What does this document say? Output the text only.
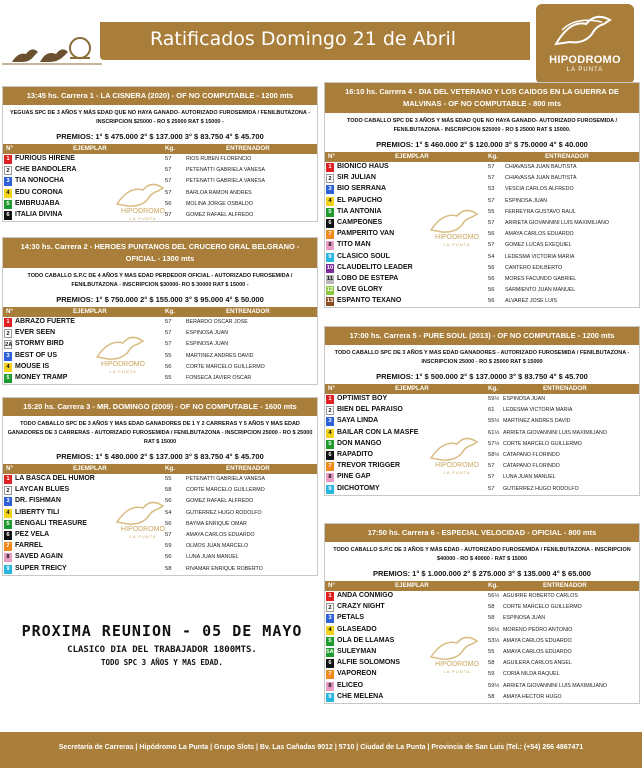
Ratificados Domingo 21 de Abril
HIPODROMO
LA PUNTA
13:45 hs. Carrera 1 - LA CISNERA (2020) - OF NO COMPUTABLE - 1200 mts
YEGUAS SPC DE 3 AÑOS Y MÁS EDAD QUE NO HAYA GANADO- AUTORIZADO FUROSEMIDA / FENILBUTAZONA - INSCRIPCION $25000 - RO $ 25000 RAT $ 15000 -
PREMIOS: 1° $ 475.000 2° $ 137.000 3° $ 83.750 4° $ 45.700
N°	EJEMPLAR	Kg.	ENTRENADOR
1 FURIOUS HIRENE	57	RIOS RUBEN FLORENCIO
2 CHE BANDOLERA	57	PETENATTI GABRIELA VANESA
3 TIA NONOCHA	57	PETENATTI GABRIELA VANESA
4 EDU CORONA	57	BARLOA RAMON ANDRES
5 EMBRUJABA	56	MOLINA JORGE OSBALDO
6 ITALIA DIVINA	57	GOMEZ RAFAEL ALFREDO
HIPODROMO
LA PUNTA
14:30 hs. Carrera 2 - HEROES PUNTANOS DEL CRUCERO GRAL BELGRANO - OFICIAL - 1300 mts
TODO CABALLO S.P.C DE 4 AÑOS Y MAS EDAD PERDEDOR OFICIAL - AUTORIZADO FUROSEMIDA / FENILBUTAZONA - INSCRIPCION $30000- RO $ 30000 RAT $ 15000 -
PREMIOS: 1° $ 750.000 2° $ 155.000 3° $ 95.000 4° $ 50.000
N°	EJEMPLAR	Kg.	ENTRENADOR
1 ABRAZO FUERTE	57	BERARDO OSCAR JOSE
2 EVER SEEN	57	ESPINOSA JUAN
2A STORMY BIRD	57	ESPINOSA JUAN
3 BEST OF US	55	MARTINEZ ANDRES DAVID
4 MOUSE IS	56	CORTE MARCELO GUILLERMO
5 MONEY TRAMP	55	FONSECA JAVIER OSCAR
HIPODROMO
LA PUNTA
15:20 hs. Carrera 3 - MR. DOMINGO (2009) - OF NO COMPUTABLE - 1600 mts
TODO CABALLO SPC DE 3 AÑOS Y MAS EDAD GANADORES DE 1 Y 2 CARRERAS Y 5 AÑOS Y MAS EDAD GANADORES DE 3 CARRERAS - AUTORIZADO FUROSEMIDA / FENILBUTAZONA - INSCRIPCION 25000 - RO $ 25000 RAT $ 15000
PREMIOS: 1° $ 480.000 2° $ 137.000 3° $ 83.750 4° $ 45.700
N°	EJEMPLAR	Kg.	ENTRENADOR
1 LA BASCA DEL HUMOR	55	PETENATTI GABRIELA VANESA
2 LAYCAN BLUES	58	CORTE MARCELO GUILLERMO
3 DR. FISHMAN	56	GOMEZ RAFAEL ALFREDO
4 LIBERTY TILI	54	GUTIERREZ HUGO RODOLFO
5 BENGALI TREASURE	56	BAYMA ENRIQUE OMAR
6 PEZ VELA	57	AMAYA CARLOS EDUARDO
7 FARREL	59	OLMOS JUAN MARCELO
8 SAVED AGAIN	56	LUNA JUAN MANUEL
9 SUPER TREICY	58	RIVAMAR ENRIQUE ROBERTO
HIPODROMO
LA PUNTA
16:10 hs. Carrera 4 - DIA DEL VETERANO Y LOS CAIDOS EN LA GUERRA DE MALVINAS - OF NO COMPUTABLE - 800 mts
TODO CABALLO SPC DE 3 AÑOS Y MÁS EDAD QUE NO HAYA GANADO- AUTORIZADO FUROSEMIDA / FENILBUTAZONA - INSCRIPCION $25000 - RO $ 25000 RAT $ 15000.
PREMIOS: 1° $ 460.000 2° $ 120.000 3° $ 75.0000 4° $ 40.000
N°	EJEMPLAR	Kg.	ENTRENADOR
1 BIONICO HAUS	57 CHIAVASSA JUAN BAUTISTA
2 SIR JULIAN	57 CHIAVASSA JUAN BAUTISTA
3 BIO SERRANA	53 VESCIA CARLOS ALFREDO
4 EL PAPUCHO	57 ESPINOSA JUAN
5 TIA ANTONIA	55 FERREYRA GUSTAVO RAUL
6 CAMPEONES	57 ARRIETA GIOVANNINI LUIS MAXIMILIANO
7 PAMPERITO VAN	56 AMAYA CARLOS EDUARDO
8 TITO MAN	57 GOMEZ LUCAS EXEQUIEL
9 CLASICO SOUL	54 LEDESMA VICTORIA MARIA
10 CLAUDELITO LEADER	56 CANTERO EDILBERTO
11 LOBO DE ESTEPA	56 MORES FACUNDO GABRIEL
12 LOVE GLORY	56 SARMIENTO JUAN MANUEL
13 ESPANTO TEXANO	56 ALVAREZ JOSE LUIS
HIPODROMO
LA PUNTA
17:00 hs. Carrera 5 - PURE SOUL (2013) - OF NO COMPUTABLE - 1200 mts
TODO CABALLO SPC DE 3 AÑOS Y MAS EDAD GANADORES - AUTORIZADO FUROSEMIDA / FENILBUTAZONA - INSCRIPCION 25000 - RO $ 25000 RAT $ 15000
PREMIOS: 1° $ 500.000 2° $ 137.0000 3° $ 83.750 4° $ 45.700
N°	EJEMPLAR	Kg.	ENTRENADOR
1 OPTIMIST BOY	59½ ESPINOSA JUAN
2 BIEN DEL PARAISO	61 LEDESMA VICTORIA MARIA
3 SAYA LINDA	55½ MARTINEZ ANDRES DAVID
4 BAILAR CON LA MASFE	61½ ARRIETA GIOVANNINI LUIS MAXIMILIANO
5 DON MANGO	57½ CORTE MARCELO GUILLERMO
6 RAPADITO	58½ CATAPANO FLORINDO
7 TREVOR TRIGGER	57 CATAPANO FLORINDO
8 PINE GAP	57 LUNA JUAN MANUEL
9 DICHOTOMY	57 GUTIERREZ HUGO RODOLFO
HIPODROMO
LA PUNTA
17:50 hs. Carrera 6 - ESPECIAL VELOCIDAD - OFICIAL - 800 mts
TODO CABALLO S.P.C DE 3 AÑOS Y MÁS EDAD - AUTORIZADO FUROSEMIDA / FENILBUTAZONA - INSCRIPCION $40000 - RO $ 40000 - RAT $ 15000
PREMIOS: 1° $ 1.000.000 2° $ 275.000 3° $ 135.000 4° $ 65.000
N°	EJEMPLAR	Kg.	ENTRENADOR
1 ANDA CONMIGO	56½ AGUIRRE ROBERTO CARLOS
2 CRAZY NIGHT	58 CORTE MARCELO GUILLERMO
3 PETALS	58 ESPINOSA JUAN
4 GLASEADO	56½ MORENO PEDRO ANTONIO
5 OLA DE LLAMAS	53½ AMAYA CARLOS EDUARDO
5A SULEYMAN	55 AMAYA CARLOS EDUARDO
6 ALFIE SOLOMONS	58 AGUILERA CARLOS ANGEL
7 VAPOREON	59 CORIA NILDA RAQUEL
8 ELICEO	59½ ARRIETA GIOVANNINI LUIS MAXIMILIANO
9 CHE MELENA	58 AMAYA HECTOR HUGO
HIPODROMO
LA PUNTA
PROXIMA REUNION - 05 DE MAYO
CLASICO DIA DEL TRABAJADOR 1800MTS.
TODO SPC 3 AÑOS Y MAS EDAD.
Secretaría de Carreras | Hipódromo La Punta | Grupo Slots | Bv. Las Cañadas 9012 | 5710 | Ciudad de La Punta | Provincia de San Luis |Tel.: (+54) 266 4867471
